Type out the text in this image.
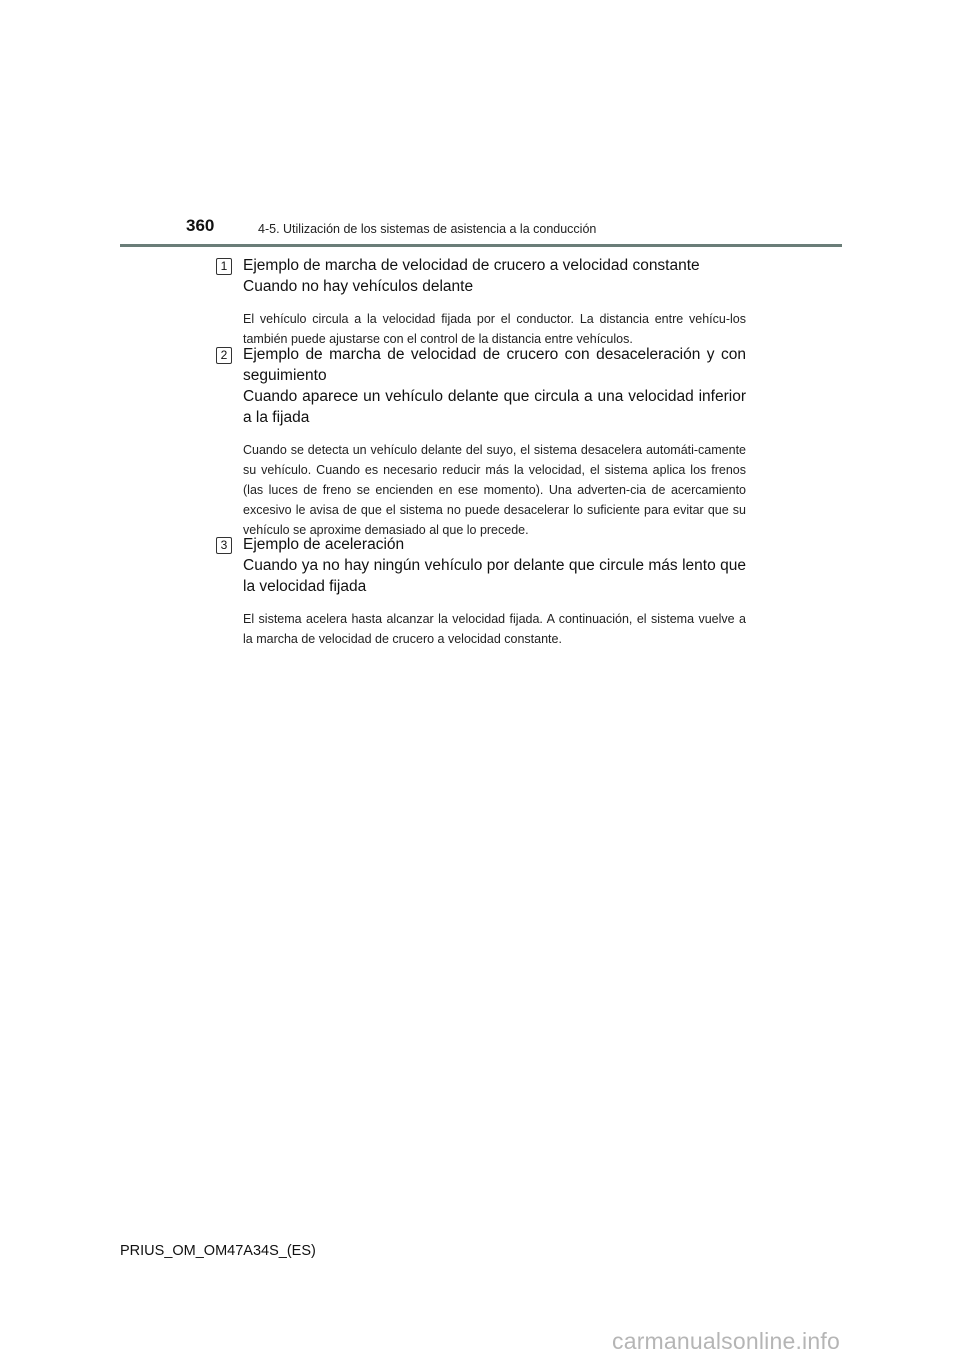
360	4-5. Utilización de los sistemas de asistencia a la conducción
1	Ejemplo de marcha de velocidad de crucero a velocidad constante
Cuando no hay vehículos delante
El vehículo circula a la velocidad fijada por el conductor. La distancia entre vehícu-los también puede ajustarse con el control de la distancia entre vehículos.
2	Ejemplo de marcha de velocidad de crucero con desaceleración y con seguimiento
Cuando aparece un vehículo delante que circula a una velocidad inferior a la fijada
Cuando se detecta un vehículo delante del suyo, el sistema desacelera automáti-camente su vehículo. Cuando es necesario reducir más la velocidad, el sistema aplica los frenos (las luces de freno se encienden en ese momento). Una adverten-cia de acercamiento excesivo le avisa de que el sistema no puede desacelerar lo suficiente para evitar que su vehículo se aproxime demasiado al que lo precede.
3	Ejemplo de aceleración
Cuando ya no hay ningún vehículo por delante que circule más lento que la velocidad fijada
El sistema acelera hasta alcanzar la velocidad fijada. A continuación, el sistema vuelve a la marcha de velocidad de crucero a velocidad constante.
PRIUS_OM_OM47A34S_(ES)
carmanualsonline.info
